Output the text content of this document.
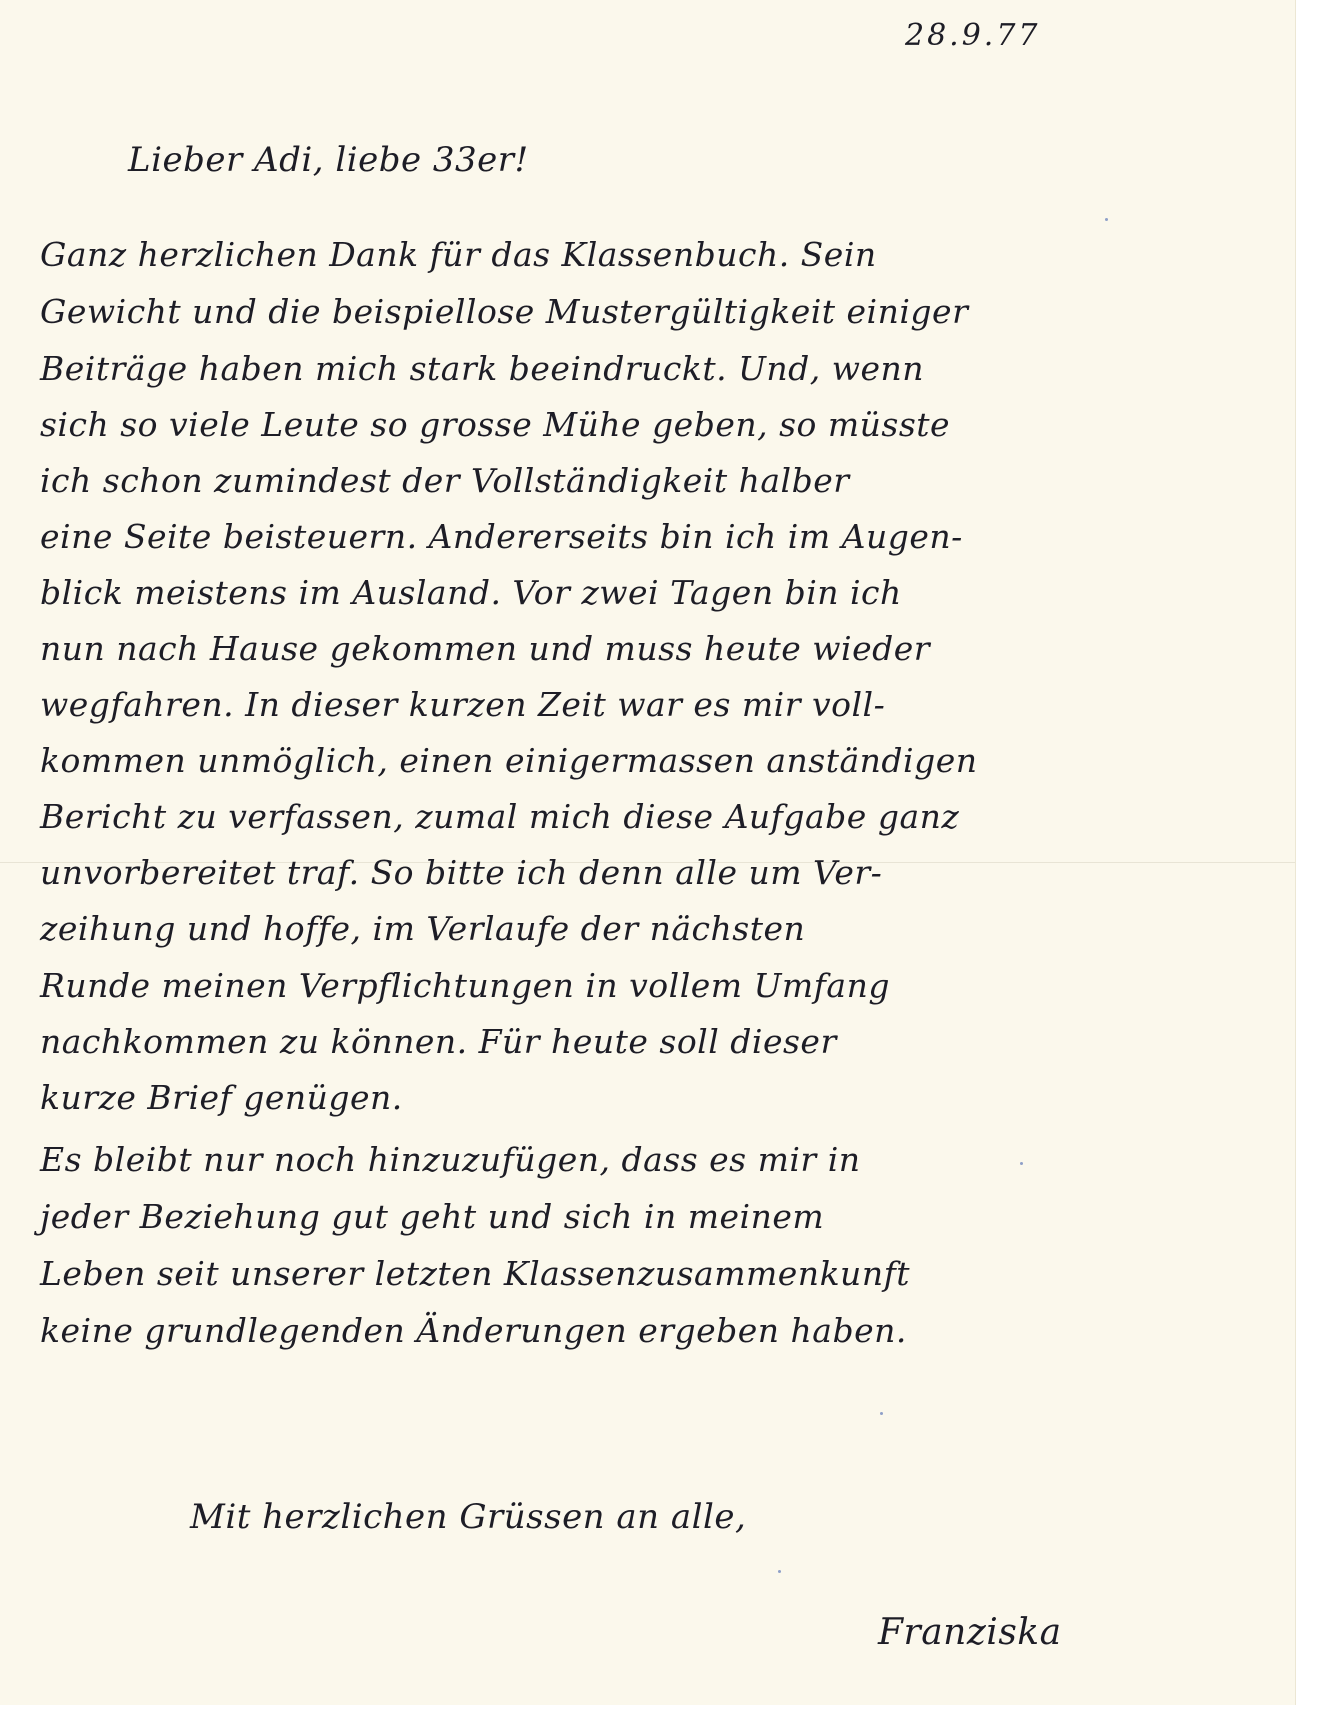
28.9.77
Lieber Adi, liebe 33er!
Ganz herzlichen Dank für das Klassenbuch. Sein
Gewicht und die beispiellose Mustergültigkeit einiger
Beiträge haben mich stark beeindruckt. Und, wenn
sich so viele Leute so grosse Mühe geben, so müsste
ich schon zumindest der Vollständigkeit halber
eine Seite beisteuern. Andererseits bin ich im Augen-
blick meistens im Ausland. Vor zwei Tagen bin ich
nun nach Hause gekommen und muss heute wieder
wegfahren. In dieser kurzen Zeit war es mir voll-
kommen unmöglich, einen einigermassen anständigen
Bericht zu verfassen, zumal mich diese Aufgabe ganz
unvorbereitet traf. So bitte ich denn alle um Ver-
zeihung und hoffe, im Verlaufe der nächsten
Runde meinen Verpflichtungen in vollem Umfang
nachkommen zu können. Für heute soll dieser
kurze Brief genügen.
Es bleibt nur noch hinzuzufügen, dass es mir in
jeder Beziehung gut geht und sich in meinem
Leben seit unserer letzten Klassenzusammenkunft
keine grundlegenden Änderungen ergeben haben.
Mit herzlichen Grüssen an alle,
Franziska
